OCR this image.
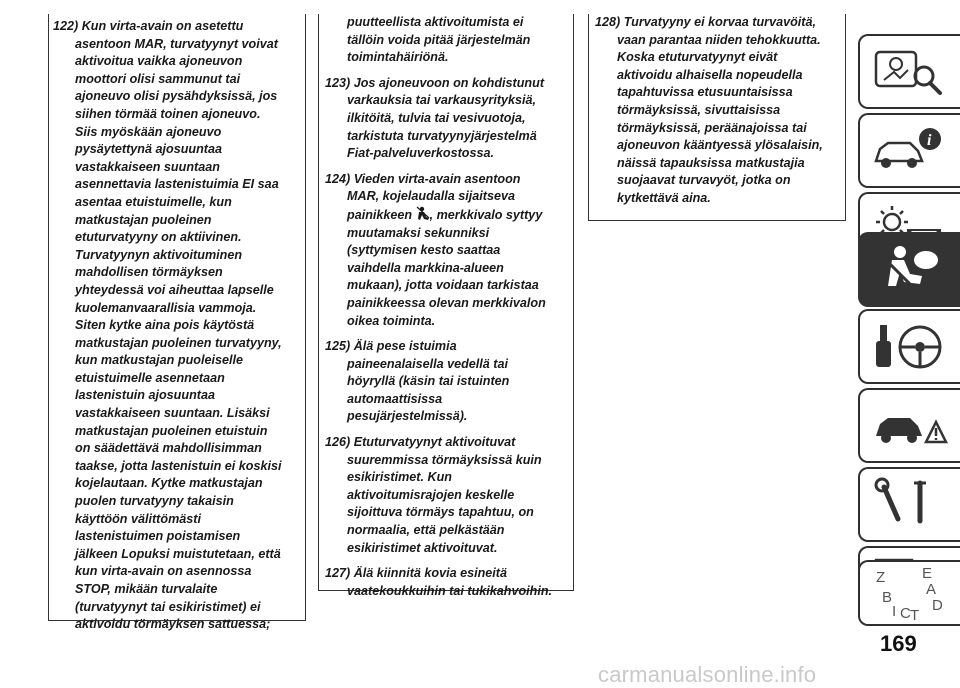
122) Kun virta-avain on asetettu
asentoon MAR, turvatyynyt voivat
aktivoitua vaikka ajoneuvon
moottori olisi sammunut tai
ajoneuvo olisi pysähdyksissä, jos
siihen törmää toinen ajoneuvo.
Siis myöskään ajoneuvo
pysäytettynä ajosuuntaa
vastakkaiseen suuntaan
asennettavia lastenistuimia EI saa
asentaa etuistuimelle, kun
matkustajan puoleinen
etuturvatyyny on aktiivinen.
Turvatyynyn aktivoituminen
mahdollisen törmäyksen
yhteydessä voi aiheuttaa lapselle
kuolemanvaarallisia vammoja.
Siten kytke aina pois käytöstä
matkustajan puoleinen turvatyyny,
kun matkustajan puoleiselle
etuistuimelle asennetaan
lastenistuin ajosuuntaa
vastakkaiseen suuntaan. Lisäksi
matkustajan puoleinen etuistuin
on säädettävä mahdollisimman
taakse, jotta lastenistuin ei koskisi
kojelautaan. Kytke matkustajan
puolen turvatyyny takaisin
käyttöön välittömästi
lastenistuimen poistamisen
jälkeen Lopuksi muistutetaan, että
kun virta-avain on asennossa
STOP, mikään turvalaite
(turvatyynyt tai esikiristimet) ei
aktivoidu törmäyksen sattuessa;
puutteellista aktivoitumista ei
tällöin voida pitää järjestelmän
toimintahäiriönä.
123) Jos ajoneuvoon on kohdistunut
varkauksia tai varkausyrityksiä,
ilkitöitä, tulvia tai vesivuotoja,
tarkistuta turvatyynyjärjestelmä
Fiat-palveluverkostossa.
124) Vieden virta-avain asentoon
MAR, kojelaudalla sijaitseva
painikkeen , merkkivalo syttyy
muutamaksi sekunniksi
(syttymisen kesto saattaa
vaihdella markkina-alueen
mukaan), jotta voidaan tarkistaa
painikkeessa olevan merkkivalon
oikea toiminta.
125) Älä pese istuimia
paineenalaisella vedellä tai
höyryllä (käsin tai istuinten
automaattisissa
pesujärjestelmissä).
126) Etuturvatyynyt aktivoituvat
suuremmissa törmäyksissä kuin
esikiristimet. Kun
aktivoitumisrajojen keskelle
sijoittuva törmäys tapahtuu, on
normaalia, että pelkästään
esikiristimet aktivoituvat.
127) Älä kiinnitä kovia esineitä
vaatekoukkuihin tai tukikahvoihin.
128) Turvatyyny ei korvaa turvavöitä,
vaan parantaa niiden tehokkuutta.
Koska etuturvatyynyt eivät
aktivoidu alhaisella nopeudella
tapahtuvissa etusuuntaisissa
törmäyksissä, sivuttaisissa
törmäyksissä, peräänajoissa tai
ajoneuvon kääntyessä ylösalaisin,
näissä tapauksissa matkustajia
suojaavat turvavyöt, jotka on
kytkettävä aina.
i
Z E
A
B	D
I C T
169
carmanualsonline.info
